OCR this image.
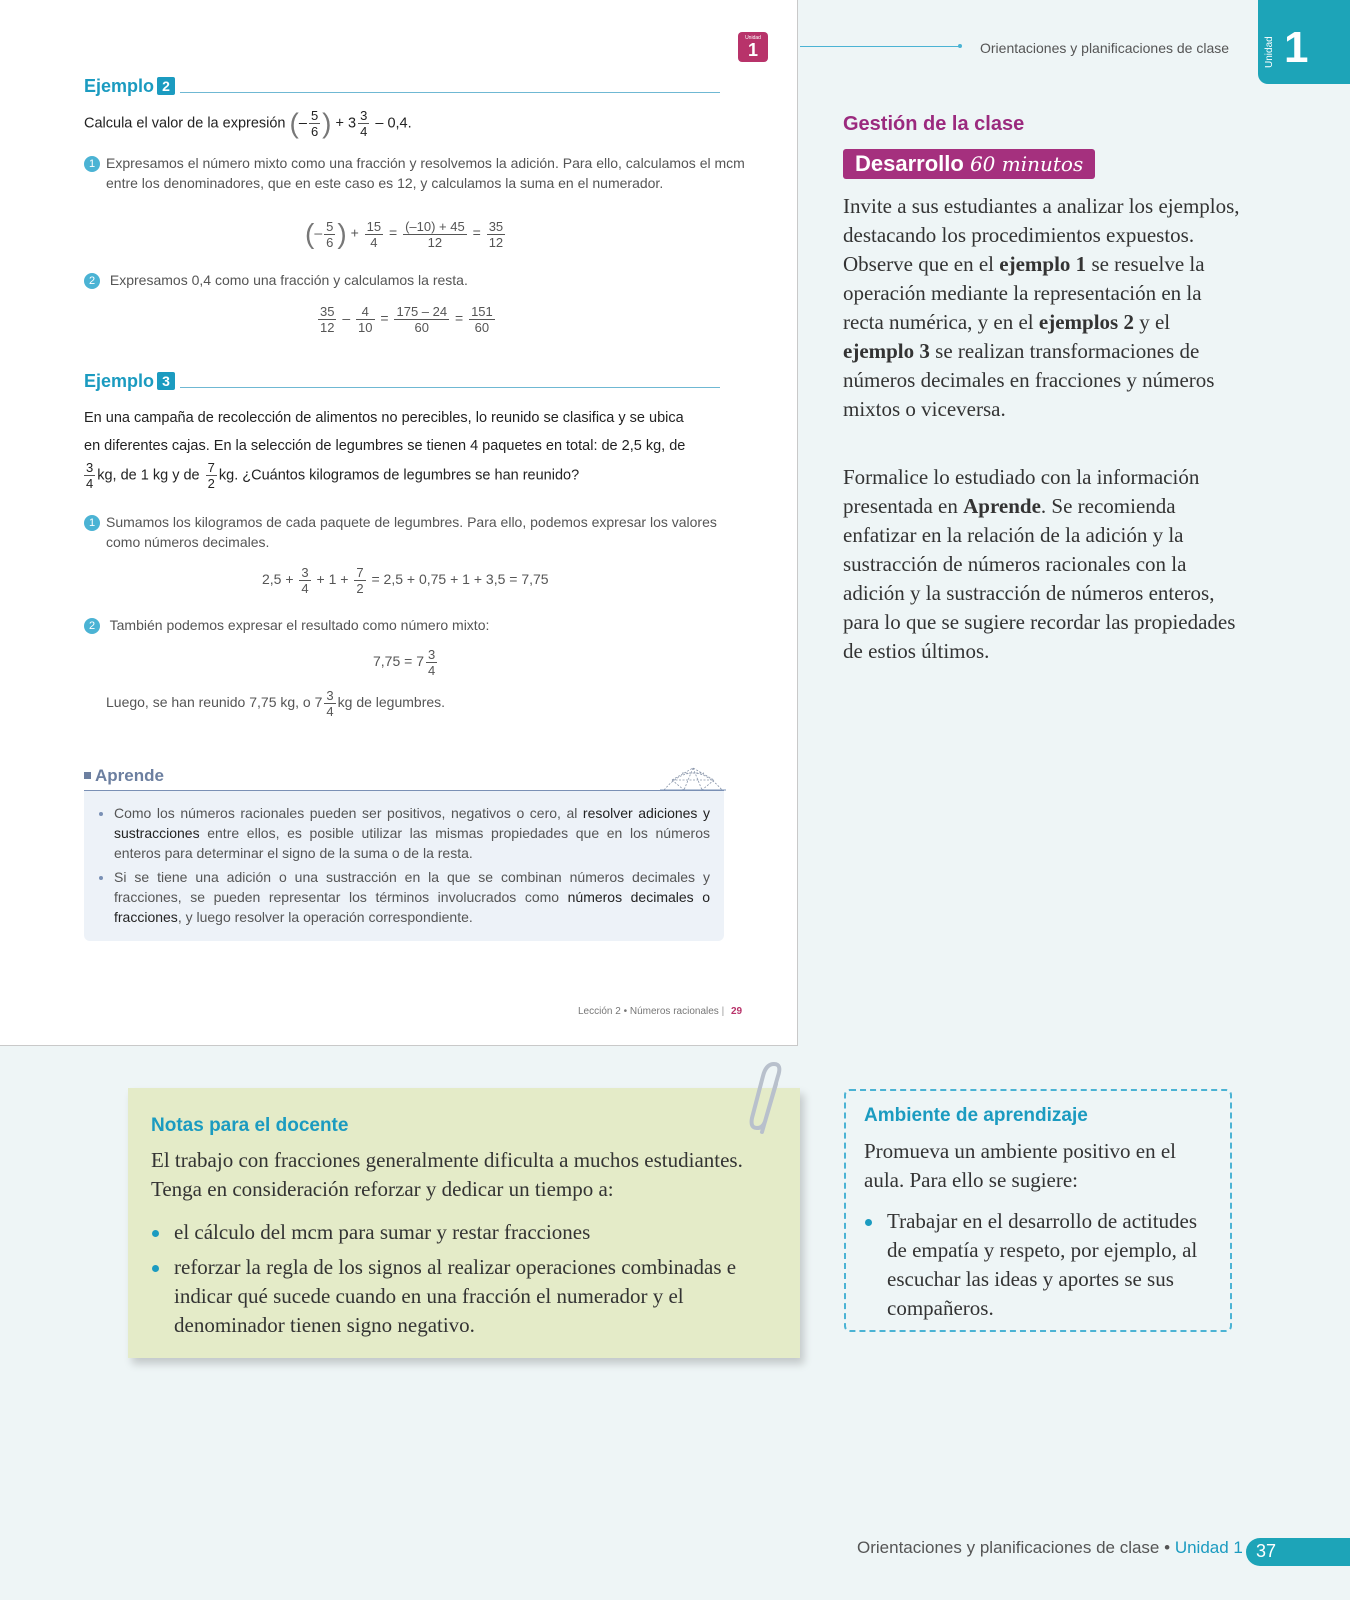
Unidad
1
Ejemplo 2
Calcula el valor de la expresión (– $\frac{5}{6}$ ) + $3 \frac{3}{4} - 0,4$.
1 Expresamos el número mixto como una fracción y resolvemos la adición. Para ello, calculamos el mcm entre los denominadores, que en este caso es 12, y calculamos la suma en el numerador.
(– $\frac{5}{6}$ ) + $\frac{15}{4} = \frac{(-10) + 45}{12} = \frac{35}{12}$
2 Expresamos 0,4 como una fracción y calculamos la resta.
$\frac{35}{12} - \frac{4}{10} = \frac{175 - 24}{60} = \frac{151}{60}$
Ejemplo 3
En una campaña de recolección de alimentos no perecibles, lo reunido se clasifica y se ubica
en diferentes cajas. En la selección de legumbres se tienen 4 paquetes en total: de 2,5 kg, de
$\frac{3}{4}$ kg, de 1 kg y de $\frac{7}{2}$ kg. ¿Cuántos kilogramos de legumbres se han reunido?
1 Sumamos los kilogramos de cada paquete de legumbres. Para ello, podemos expresar los valores como números decimales.
$2,5 + \frac{3}{4} + 1 + \frac{7}{2} = 2,5 + 0,75 + 1 + 3,5 = 7,75$
2 También podemos expresar el resultado como número mixto:
$7,75 = 7 \frac{3}{4}$
Luego, se han reunido 7,75 kg, o $7 \frac{3}{4}$ kg de legumbres.
Aprende
• Como los números racionales pueden ser positivos, negativos o cero, al resolver adiciones y sustracciones entre ellos, es posible utilizar las mismas propiedades que en los números enteros para determinar el signo de la suma o de la resta.
• Si se tiene una adición o una sustracción en la que se combinan números decimales y fracciones, se pueden representar los términos involucrados como números decimales o fracciones, y luego resolver la operación correspondiente.
Lección 2 • Números racionales | 29
Orientaciones y planificaciones de clase	Unidad 1
Gestión de la clase
Desarrollo 60 minutos
Invite a sus estudiantes a analizar los ejemplos, destacando los procedimientos expuestos. Observe que en el ejemplo 1 se resuelve la operación mediante la representación en la recta numérica, y en el ejemplos 2 y el ejemplo 3 se realizan transformaciones de números decimales en fracciones y números mixtos o viceversa.
Formalice lo estudiado con la información presentada en Aprende. Se recomienda enfatizar en la relación de la adición y la sustracción de números racionales con la adición y la sustracción de números enteros, para lo que se sugiere recordar las propiedades de estios últimos.
Notas para el docente
El trabajo con fracciones generalmente dificulta a muchos estudiantes. Tenga en consideración reforzar y dedicar un tiempo a:
el cálculo del mcm para sumar y restar fracciones
reforzar la regla de los signos al realizar operaciones combinadas e indicar qué sucede cuando en una fracción el numerador y el denominador tienen signo negativo.
Ambiente de aprendizaje
Promueva un ambiente positivo en el aula. Para ello se sugiere:
Trabajar en el desarrollo de actitudes de empatía y respeto, por ejemplo, al escuchar las ideas y aportes se sus compañeros.
Orientaciones y planificaciones de clase • Unidad 1 37
